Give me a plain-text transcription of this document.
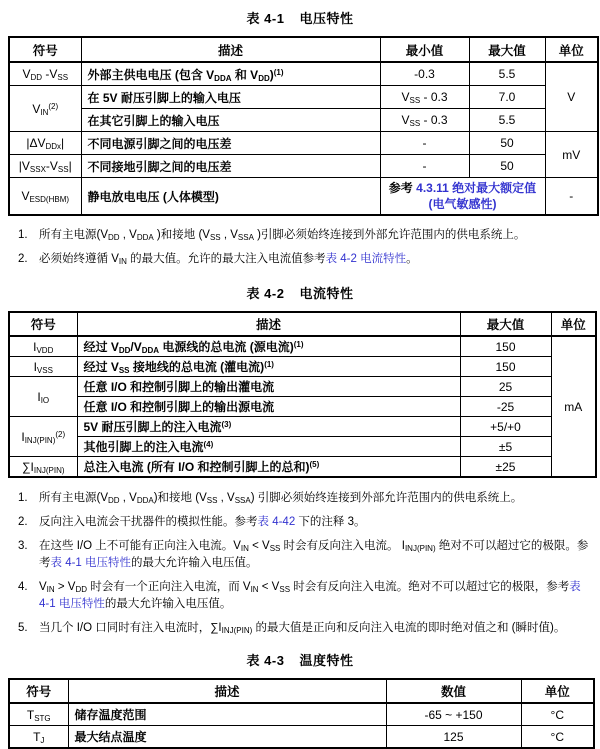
表 4-1 电压特性
符号	描述	最小值	最大值	单位
$V_{DD}$ $-V_{SS}$	外部主供电电压 (包含 $V_{DDA}$ 和 $V_{DD})^{(1)}$	-0.3	5.5	V
$V_{IN}^{(2)}$	在 5V 耐压引脚上的输入电压	$V_{SS} - 0.3$	7.0	
	在其它引脚上的输入电压	$V_{SS} - 0.3$	5.5	
$|\Delta V_{DDx}|$	不同电源引脚之间的电压差	-	50	mV
$|V_{SSX}-V_{SS}|$	不同接地引脚之间的电压差	-	50	
$V_{ESD(HBM)}$	静电放电电压 (人体模型)	参考 4.3.11 绝对最大额定值 (电气敏感性)		-
1. 所有主电源($V_{DD}$ , $V_{DDA}$ )和接地 ($V_{SS}$ , $V_{SSA}$ )引脚必须始终连接到外部允许范围内的供电系统上。
2. 必须始终遵循 $V_{IN}$ 的最大值。允许的最大注入电流值参考表 4-2 电流特性。
表 4-2 电流特性
符号	描述	最大值	单位
$I_{VDD}$	经过 $V_{DD}/V_{DDA}$ 电源线的总电流 (源电流)$^{(1)}$	150	mA
$I_{VSS}$	经过 $V_{SS}$ 接地线的总电流 (灌电流)$^{(1)}$	150	
$I_{IO}$	任意 I/O 和控制引脚上的输出灌电流	25	
	任意 I/O 和控制引脚上的输出源电流	-25	
$I_{INJ(PIN)}^{(2)}$	5V 耐压引脚上的注入电流$^{(3)}$	+5/+0	
	其他引脚上的注入电流$^{(4)}$	±5	
$\sum I_{INJ(PIN)}$	总注入电流 (所有 I/O 和控制引脚上的总和)$^{(5)}$	±25	
1. 所有主电源($V_{DD}$ , $V_{DDA}$)和接地 ($V_{SS}$ , $V_{SSA}$) 引脚必须始终连接到外部允许范围内的供电系统上。
2. 反向注入电流会干扰器件的模拟性能。参考表 4-42 下的注释 3。
3. 在这些 I/O 上不可能有正向注入电流。$V_{IN} < V_{SS}$ 时会有反向注入电流。 $I_{INJ(PIN)}$ 绝对不可以超过它的极限。参考表 4-1 电压特性的最大允许输入电压值。
4. $V_{IN} > V_{DD}$ 时会有一个正向注入电流，而 $V_{IN} < V_{SS}$ 时会有反向注入电流。绝对不可以超过它的极限，参考表 4-1 电压特性的最大允许输入电压值。
5. 当几个 I/O 口同时有注入电流时，$\sum I_{INJ(PIN)}$ 的最大值是正向和反向注入电流的即时绝对值之和 (瞬时值)。
表 4-3 温度特性
符号	描述	数值	单位
$T_{STG}$	储存温度范围	-65 ~ +150	°C
$T_J$	最大结点温度	125	°C
